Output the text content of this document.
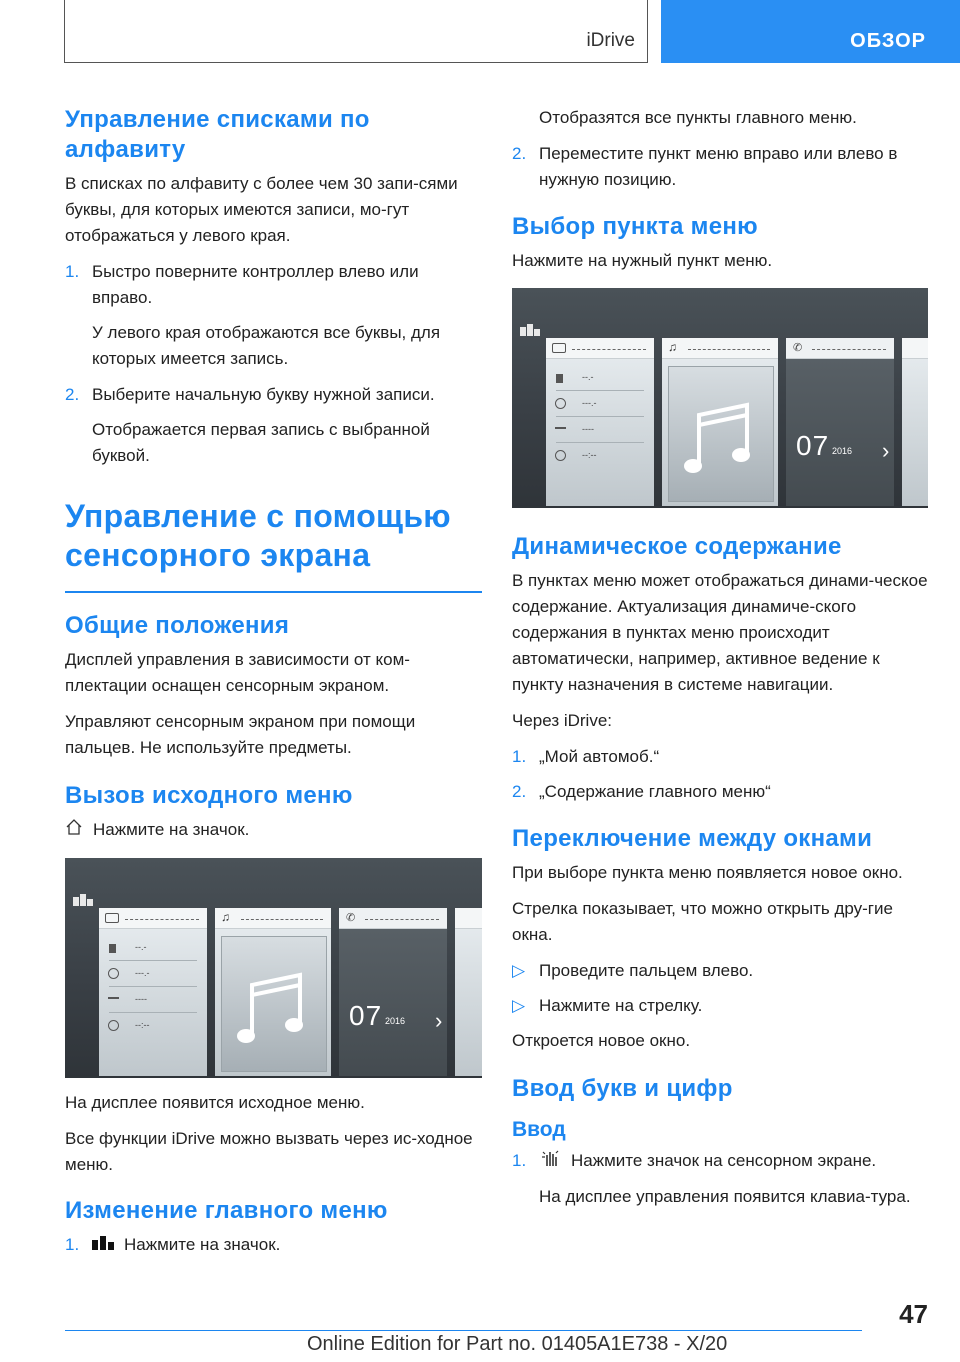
iDrive	ОБЗОР
Управление списками по алфавиту

В списках по алфавиту с более чем 30 запи-сями буквы, для которых имеются записи, мо-гут отображаться у левого края.

1. Быстро поверните контроллер влево или вправо.
У левого края отображаются все буквы, для которых имеется запись.
2. Выберите начальную букву нужной записи.
Отображается первая запись с выбранной буквой.
Управление с помощью сенсорного экрана
Общие положения

Дисплей управления в зависимости от ком-плектации оснащен сенсорным экраном.

Управляют сенсорным экраном при помощи пальцев. Не используйте предметы.

Вызов исходного меню

Нажмите на значок.

--.-
---.-
----
--:--
♫	✆
07 2016 ›

На дисплее появится исходное меню.

Все функции iDrive можно вызвать через ис-ходное меню.

Изменение главного меню
1.	Нажмите на значок.
Отобразятся все пункты главного меню.
2. Переместите пункт меню вправо или влево в нужную позицию.
Выбор пункта меню

Нажмите на нужный пункт меню.

--.-
---.-
----
--:--
♫	✆
07 2016 ›
Динамическое содержание

В пунктах меню может отображаться динами-ческое содержание. Актуализация динамиче-ского содержания в пунктах меню происходит автоматически, например, активное ведение к пункту назначения в системе навигации.

Через iDrive:

1. „Мой автомоб.“
2. „Содержание главного меню“
Переключение между окнами

При выборе пункта меню появляется новое окно.

Стрелка показывает, что можно открыть дру-гие окна.

▷ Проведите пальцем влево.
▷ Нажмите на стрелку.

Откроется новое окно.

Ввод букв и цифр
Ввод
1.	Нажмите значок на сенсорном экране.
На дисплее управления появится клавиа-тура.
47
Online Edition for Part no. 01405A1E738 - X/20
